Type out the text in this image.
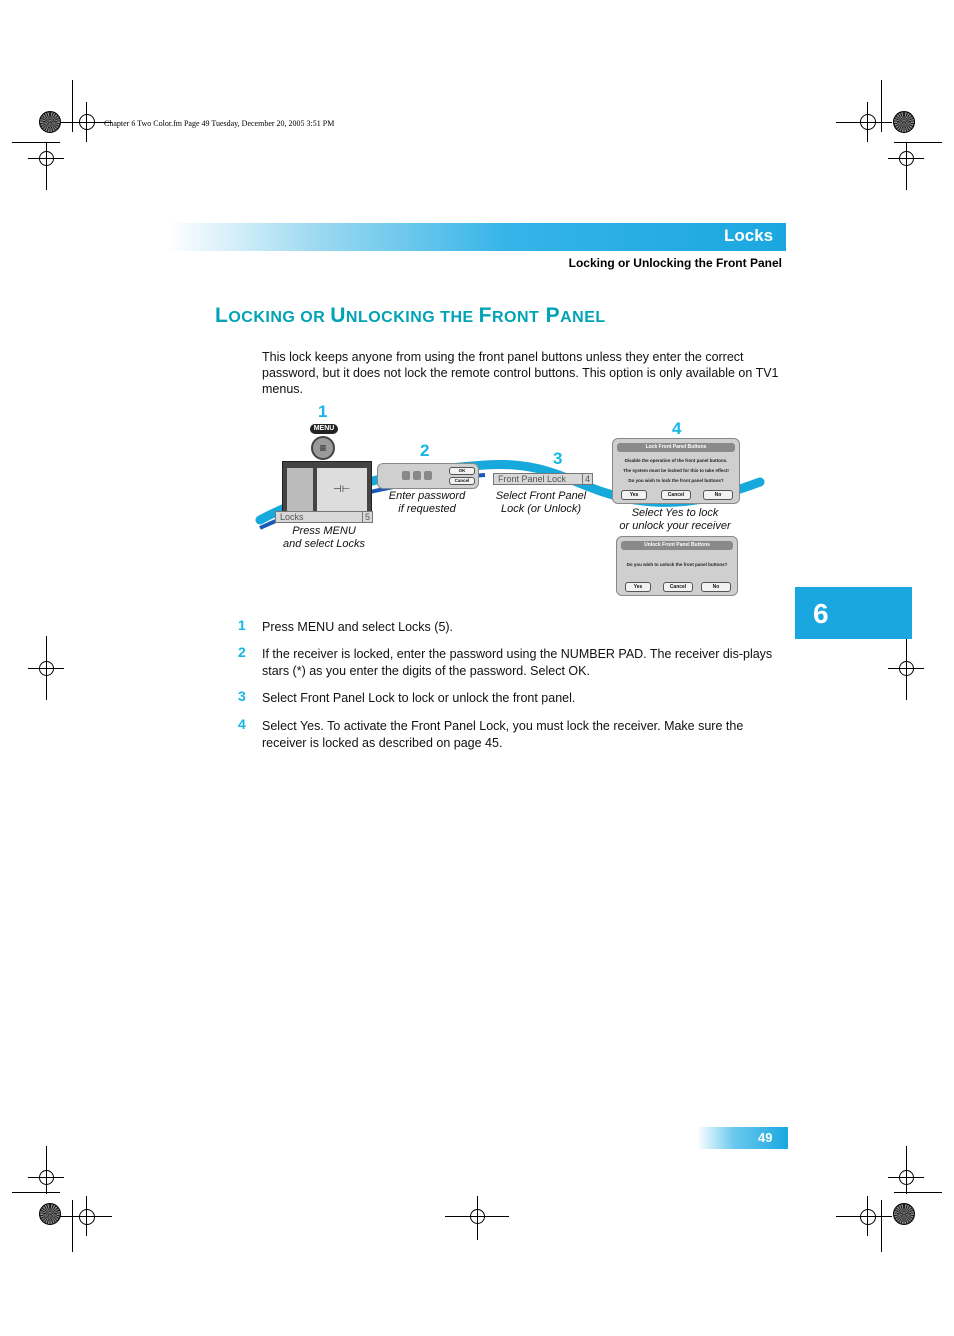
Chapter 6 Two Color.fm Page 49 Tuesday, December 20, 2005 3:51 PM
Locks
Locking or Unlocking the Front Panel
LOCKING OR UNLOCKING THE FRONT PANEL
This lock keeps anyone from using the front panel buttons unless they enter the correct password, but it does not lock the remote control buttons. This option is only available on TV1 menus.
1
2	3
4
MENU
≡
⊣⊢
Locks	5
Press MENU
and select Locks
OK
Cancel
Enter password
if requested
Front Panel Lock	4
Select Front Panel
Lock (or Unlock)
Lock Front Panel Buttons
Disable the operation of the front panel buttons.
The system must be locked for this to take effect!
Do you wish to lock the front panel buttons?
Yes	Cancel	No
Select Yes to lock
or unlock your receiver
Unlock Front Panel Buttons
Do you wish to unlock the front panel buttons?
Yes	Cancel	No
1 Press MENU and select Locks (5).
2 If the receiver is locked, enter the password using the NUMBER PAD. The receiver dis-plays stars (*) as you enter the digits of the password. Select OK.
3 Select Front Panel Lock to lock or unlock the front panel.
4 Select Yes. To activate the Front Panel Lock, you must lock the receiver. Make sure the receiver is locked as described on page 45.
6
49
